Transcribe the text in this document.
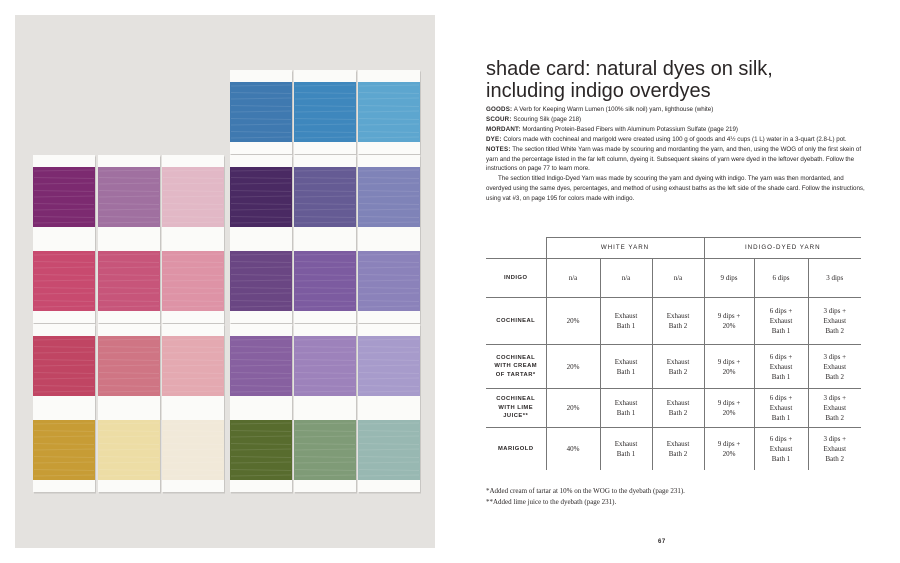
shade card: natural dyes on silk,
including indigo overdyes

GOODS: A Verb for Keeping Warm Lumen (100% silk noil) yarn, lighthouse (white)

SCOUR: Scouring Silk (page 218)

MORDANT: Mordanting Protein-Based Fibers with Aluminum Potassium Sulfate (page 219)

DYE: Colors made with cochineal and marigold were created using 100 g of goods and 4½ cups (1 L) water in a 3-quart (2.8-L) pot.

NOTES: The section titled White Yarn was made by scouring and mordanting the yarn, and then, using the WOG of only the first skein of yarn and the percentage listed in the far left column, dyeing it. Subsequent skeins of yarn were dyed in the leftover dyebath. Follow the instructions on page 77 to learn more.

The section titled Indigo-Dyed Yarn was made by scouring the yarn and dyeing with indigo. The yarn was then mordanted, and overdyed using the same dyes, percentages, and method of using exhaust baths as the left side of the shade card. Follow the instructions, using vat #3, on page 195 for colors made with indigo.

	WHITE YARN			INDIGO-DYED YARN		
INDIGO	n/a	n/a	n/a	9 dips	6 dips	3 dips
COCHINEAL	20%	Exhaust Bath 1	Exhaust Bath 2	9 dips + 20%	6 dips + Exhaust Bath 1	3 dips + Exhaust Bath 2
COCHINEAL WITH CREAM OF TARTAR*	20%	Exhaust Bath 1	Exhaust Bath 2	9 dips + 20%	6 dips + Exhaust Bath 1	3 dips + Exhaust Bath 2
COCHINEAL WITH LIME JUICE**	20%	Exhaust Bath 1	Exhaust Bath 2	9 dips + 20%	6 dips + Exhaust Bath 1	3 dips + Exhaust Bath 2
MARIGOLD	40%	Exhaust Bath 1	Exhaust Bath 2	9 dips + 20%	6 dips + Exhaust Bath 1	3 dips + Exhaust Bath 2
*Added cream of tartar at 10% on the WOG to the dyebath (page 231).
**Added lime juice to the dyebath (page 231).
67
